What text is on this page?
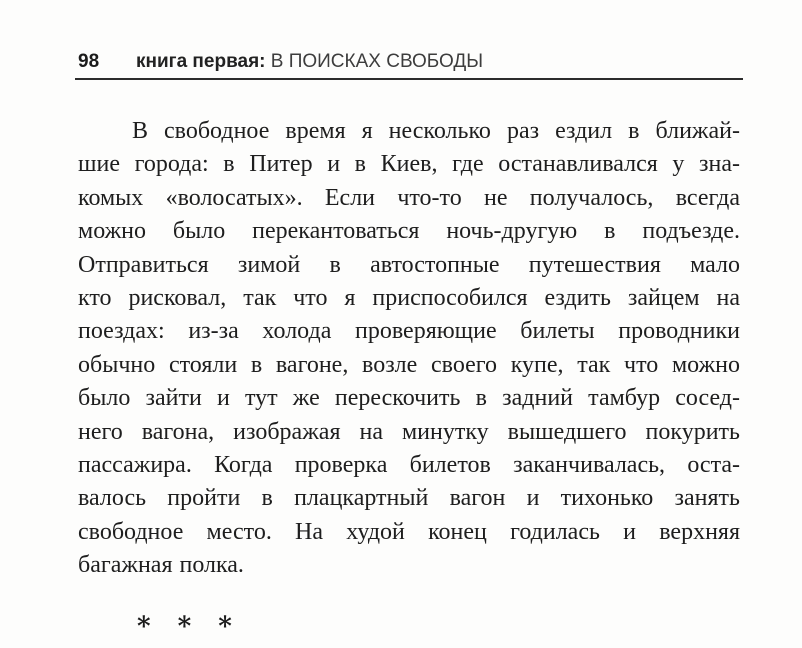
98 книга первая: В ПОИСКАХ СВОБОДЫ
В свободное время я несколько раз ездил в ближай-
шие города: в Питер и в Киев, где останавливался у зна-
комых «волосатых». Если что-то не получалось, всегда
можно было перекантоваться ночь-другую в подъезде.
Отправиться зимой в автостопные путешествия мало
кто рисковал, так что я приспособился ездить зайцем на
поездах: из-за холода проверяющие билеты проводники
обычно стояли в вагоне, возле своего купе, так что можно
было зайти и тут же перескочить в задний тамбур сосед-
него вагона, изображая на минутку вышедшего покурить
пассажира. Когда проверка билетов заканчивалась, оста-
валось пройти в плацкартный вагон и тихонько занять
свободное место. На худой конец годилась и верхняя
багажная полка.
* * *
